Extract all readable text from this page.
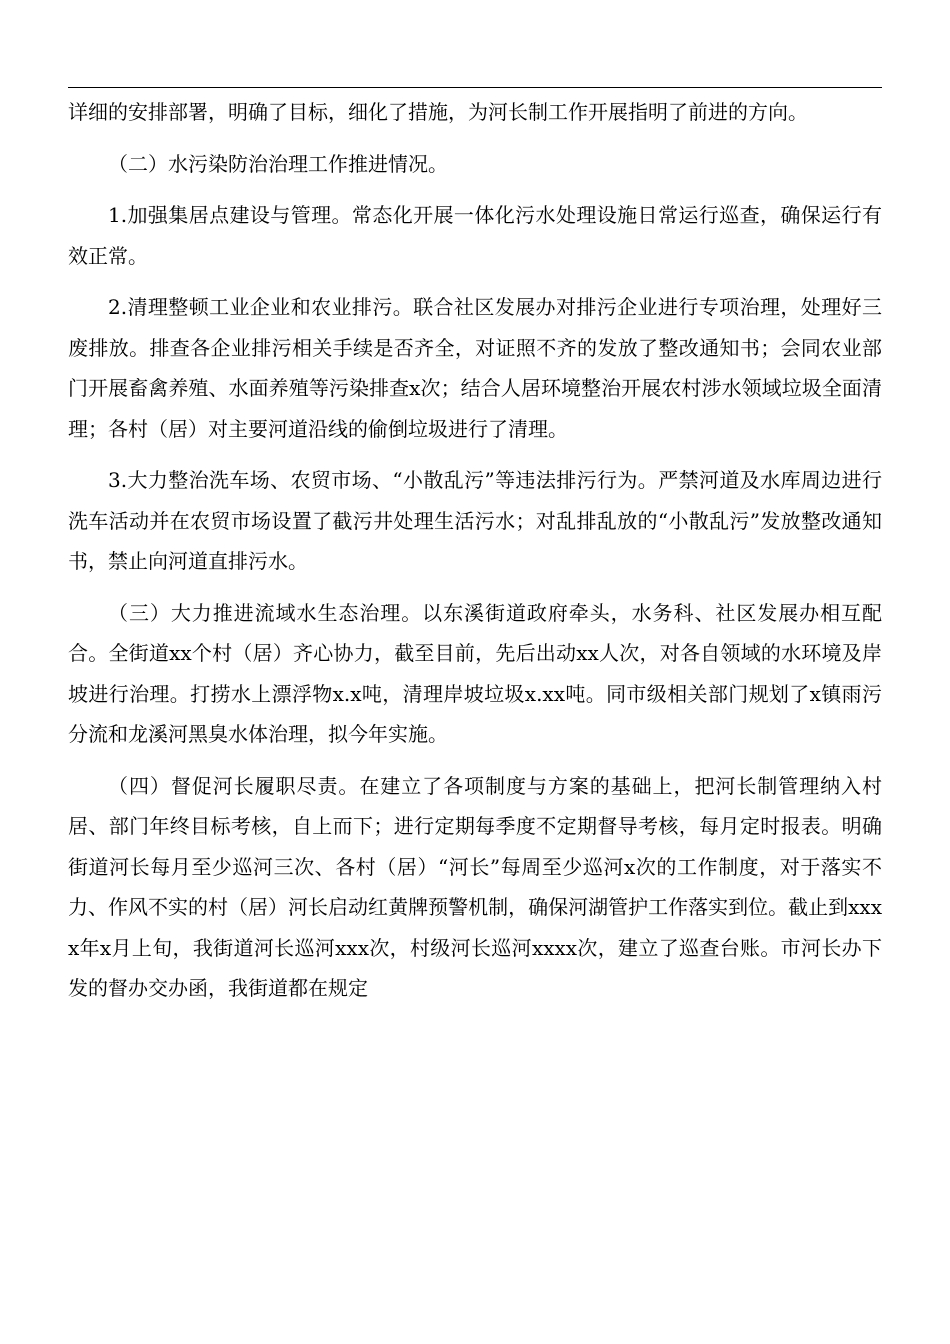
详细的安排部署，明确了目标，细化了措施，为河长制工作开展指明了前进的方向。

（二）水污染防治治理工作推进情况。

1.加强集居点建设与管理。常态化开展一体化污水处理设施日常运行巡查，确保运行有效正常。

2.清理整顿工业企业和农业排污。联合社区发展办对排污企业进行专项治理，处理好三废排放。排查各企业排污相关手续是否齐全，对证照不齐的发放了整改通知书；会同农业部门开展畜禽养殖、水面养殖等污染排查x次；结合人居环境整治开展农村涉水领域垃圾全面清理；各村（居）对主要河道沿线的偷倒垃圾进行了清理。

3.大力整治洗车场、农贸市场、“小散乱污”等违法排污行为。严禁河道及水库周边进行洗车活动并在农贸市场设置了截污井处理生活污水；对乱排乱放的“小散乱污”发放整改通知书，禁止向河道直排污水。

（三）大力推进流域水生态治理。以东溪街道政府牵头，水务科、社区发展办相互配合。全街道xx个村（居）齐心协力，截至目前，先后出动xx人次，对各自领域的水环境及岸坡进行治理。打捞水上漂浮物x.x吨，清理岸坡垃圾x.xx吨。同市级相关部门规划了x镇雨污分流和龙溪河黑臭水体治理，拟今年实施。

（四）督促河长履职尽责。在建立了各项制度与方案的基础上，把河长制管理纳入村居、部门年终目标考核，自上而下；进行定期每季度不定期督导考核，每月定时报表。明确街道河长每月至少巡河三次、各村（居）“河长”每周至少巡河x次的工作制度，对于落实不力、作风不实的村（居）河长启动红黄牌预警机制，确保河湖管护工作落实到位。截止到xxxx年x月上旬，我街道河长巡河xxx次，村级河长巡河xxxx次，建立了巡查台账。市河长办下发的督办交办函，我街道都在规定
